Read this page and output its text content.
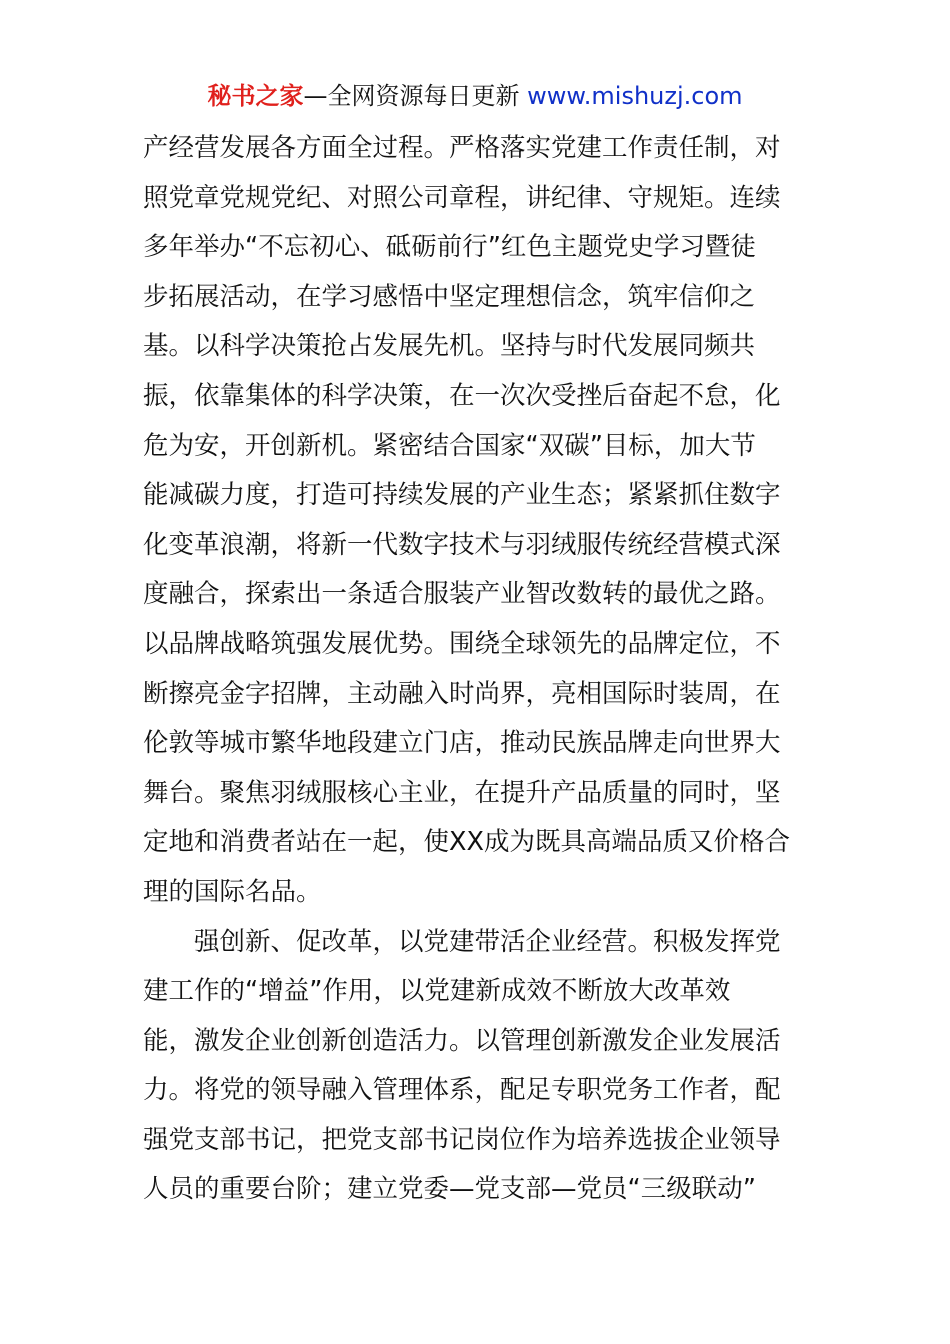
秘书之家—全网资源每日更新 www.mishuzj.com
产经营发展各方面全过程。严格落实党建工作责任制，对
照党章党规党纪、对照公司章程，讲纪律、守规矩。连续
多年举办“不忘初心、砥砺前行”红色主题党史学习暨徒
步拓展活动，在学习感悟中坚定理想信念，筑牢信仰之
基。以科学决策抢占发展先机。坚持与时代发展同频共
振，依靠集体的科学决策，在一次次受挫后奋起不怠，化
危为安，开创新机。紧密结合国家“双碳”目标，加大节
能减碳力度，打造可持续发展的产业生态；紧紧抓住数字
化变革浪潮，将新一代数字技术与羽绒服传统经营模式深
度融合，探索出一条适合服装产业智改数转的最优之路。
以品牌战略筑强发展优势。围绕全球领先的品牌定位，不
断擦亮金字招牌，主动融入时尚界，亮相国际时装周，在
伦敦等城市繁华地段建立门店，推动民族品牌走向世界大
舞台。聚焦羽绒服核心主业，在提升产品质量的同时，坚
定地和消费者站在一起，使XX成为既具高端品质又价格合
理的国际名品。
强创新、促改革，以党建带活企业经营。积极发挥党
建工作的“增益”作用，以党建新成效不断放大改革效
能，激发企业创新创造活力。以管理创新激发企业发展活
力。将党的领导融入管理体系，配足专职党务工作者，配
强党支部书记，把党支部书记岗位作为培养选拔企业领导
人员的重要台阶；建立党委—党支部—党员“三级联动”
